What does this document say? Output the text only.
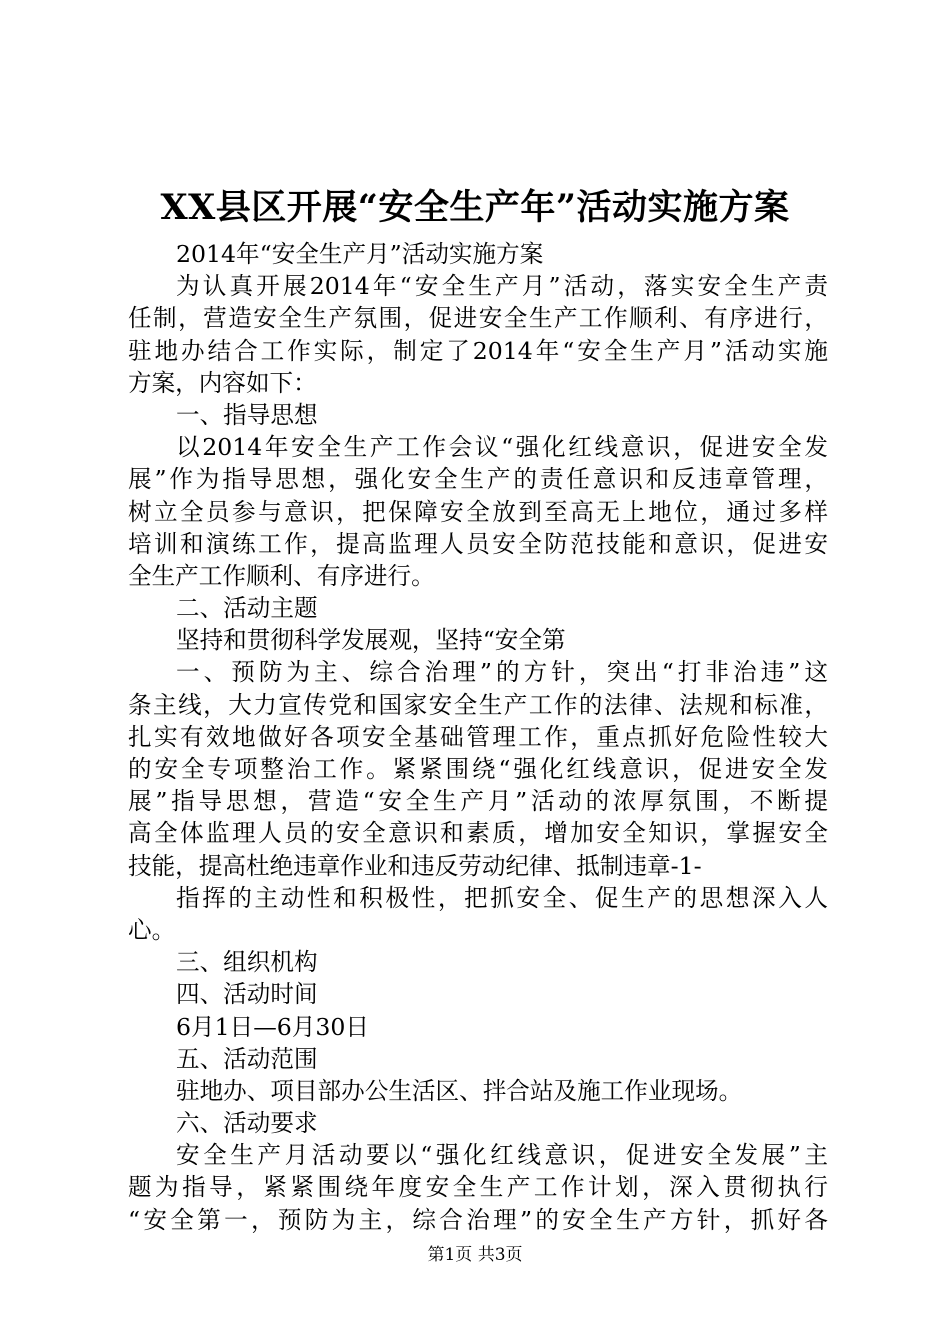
XX县区开展“安全生产年”活动实施方案
2014年“安全生产月”活动实施方案
为认真开展2014年“安全生产月”活动，落实安全生产责
任制，营造安全生产氛围，促进安全生产工作顺利、有序进行，
驻地办结合工作实际，制定了2014年“安全生产月”活动实施
方案，内容如下：
一、指导思想
以2014年安全生产工作会议“强化红线意识，促进安全发
展”作为指导思想，强化安全生产的责任意识和反违章管理，
树立全员参与意识，把保障安全放到至高无上地位，通过多样
培训和演练工作，提高监理人员安全防范技能和意识，促进安
全生产工作顺利、有序进行。
二、活动主题
坚持和贯彻科学发展观，坚持“安全第
一、预防为主、综合治理”的方针，突出“打非治违”这
条主线，大力宣传党和国家安全生产工作的法律、法规和标准，
扎实有效地做好各项安全基础管理工作，重点抓好危险性较大
的安全专项整治工作。紧紧围绕“强化红线意识，促进安全发
展”指导思想，营造“安全生产月”活动的浓厚氛围，不断提
高全体监理人员的安全意识和素质，增加安全知识，掌握安全
技能，提高杜绝违章作业和违反劳动纪律、抵制违章-1-
指挥的主动性和积极性，把抓安全、促生产的思想深入人
心。
三、组织机构
四、活动时间
6月1日—6月30日
五、活动范围
驻地办、项目部办公生活区、拌合站及施工作业现场。
六、活动要求
安全生产月活动要以“强化红线意识，促进安全发展”主
题为指导，紧紧围绕年度安全生产工作计划，深入贯彻执行
“安全第一，预防为主，综合治理”的安全生产方针，抓好各
第1页 共3页
